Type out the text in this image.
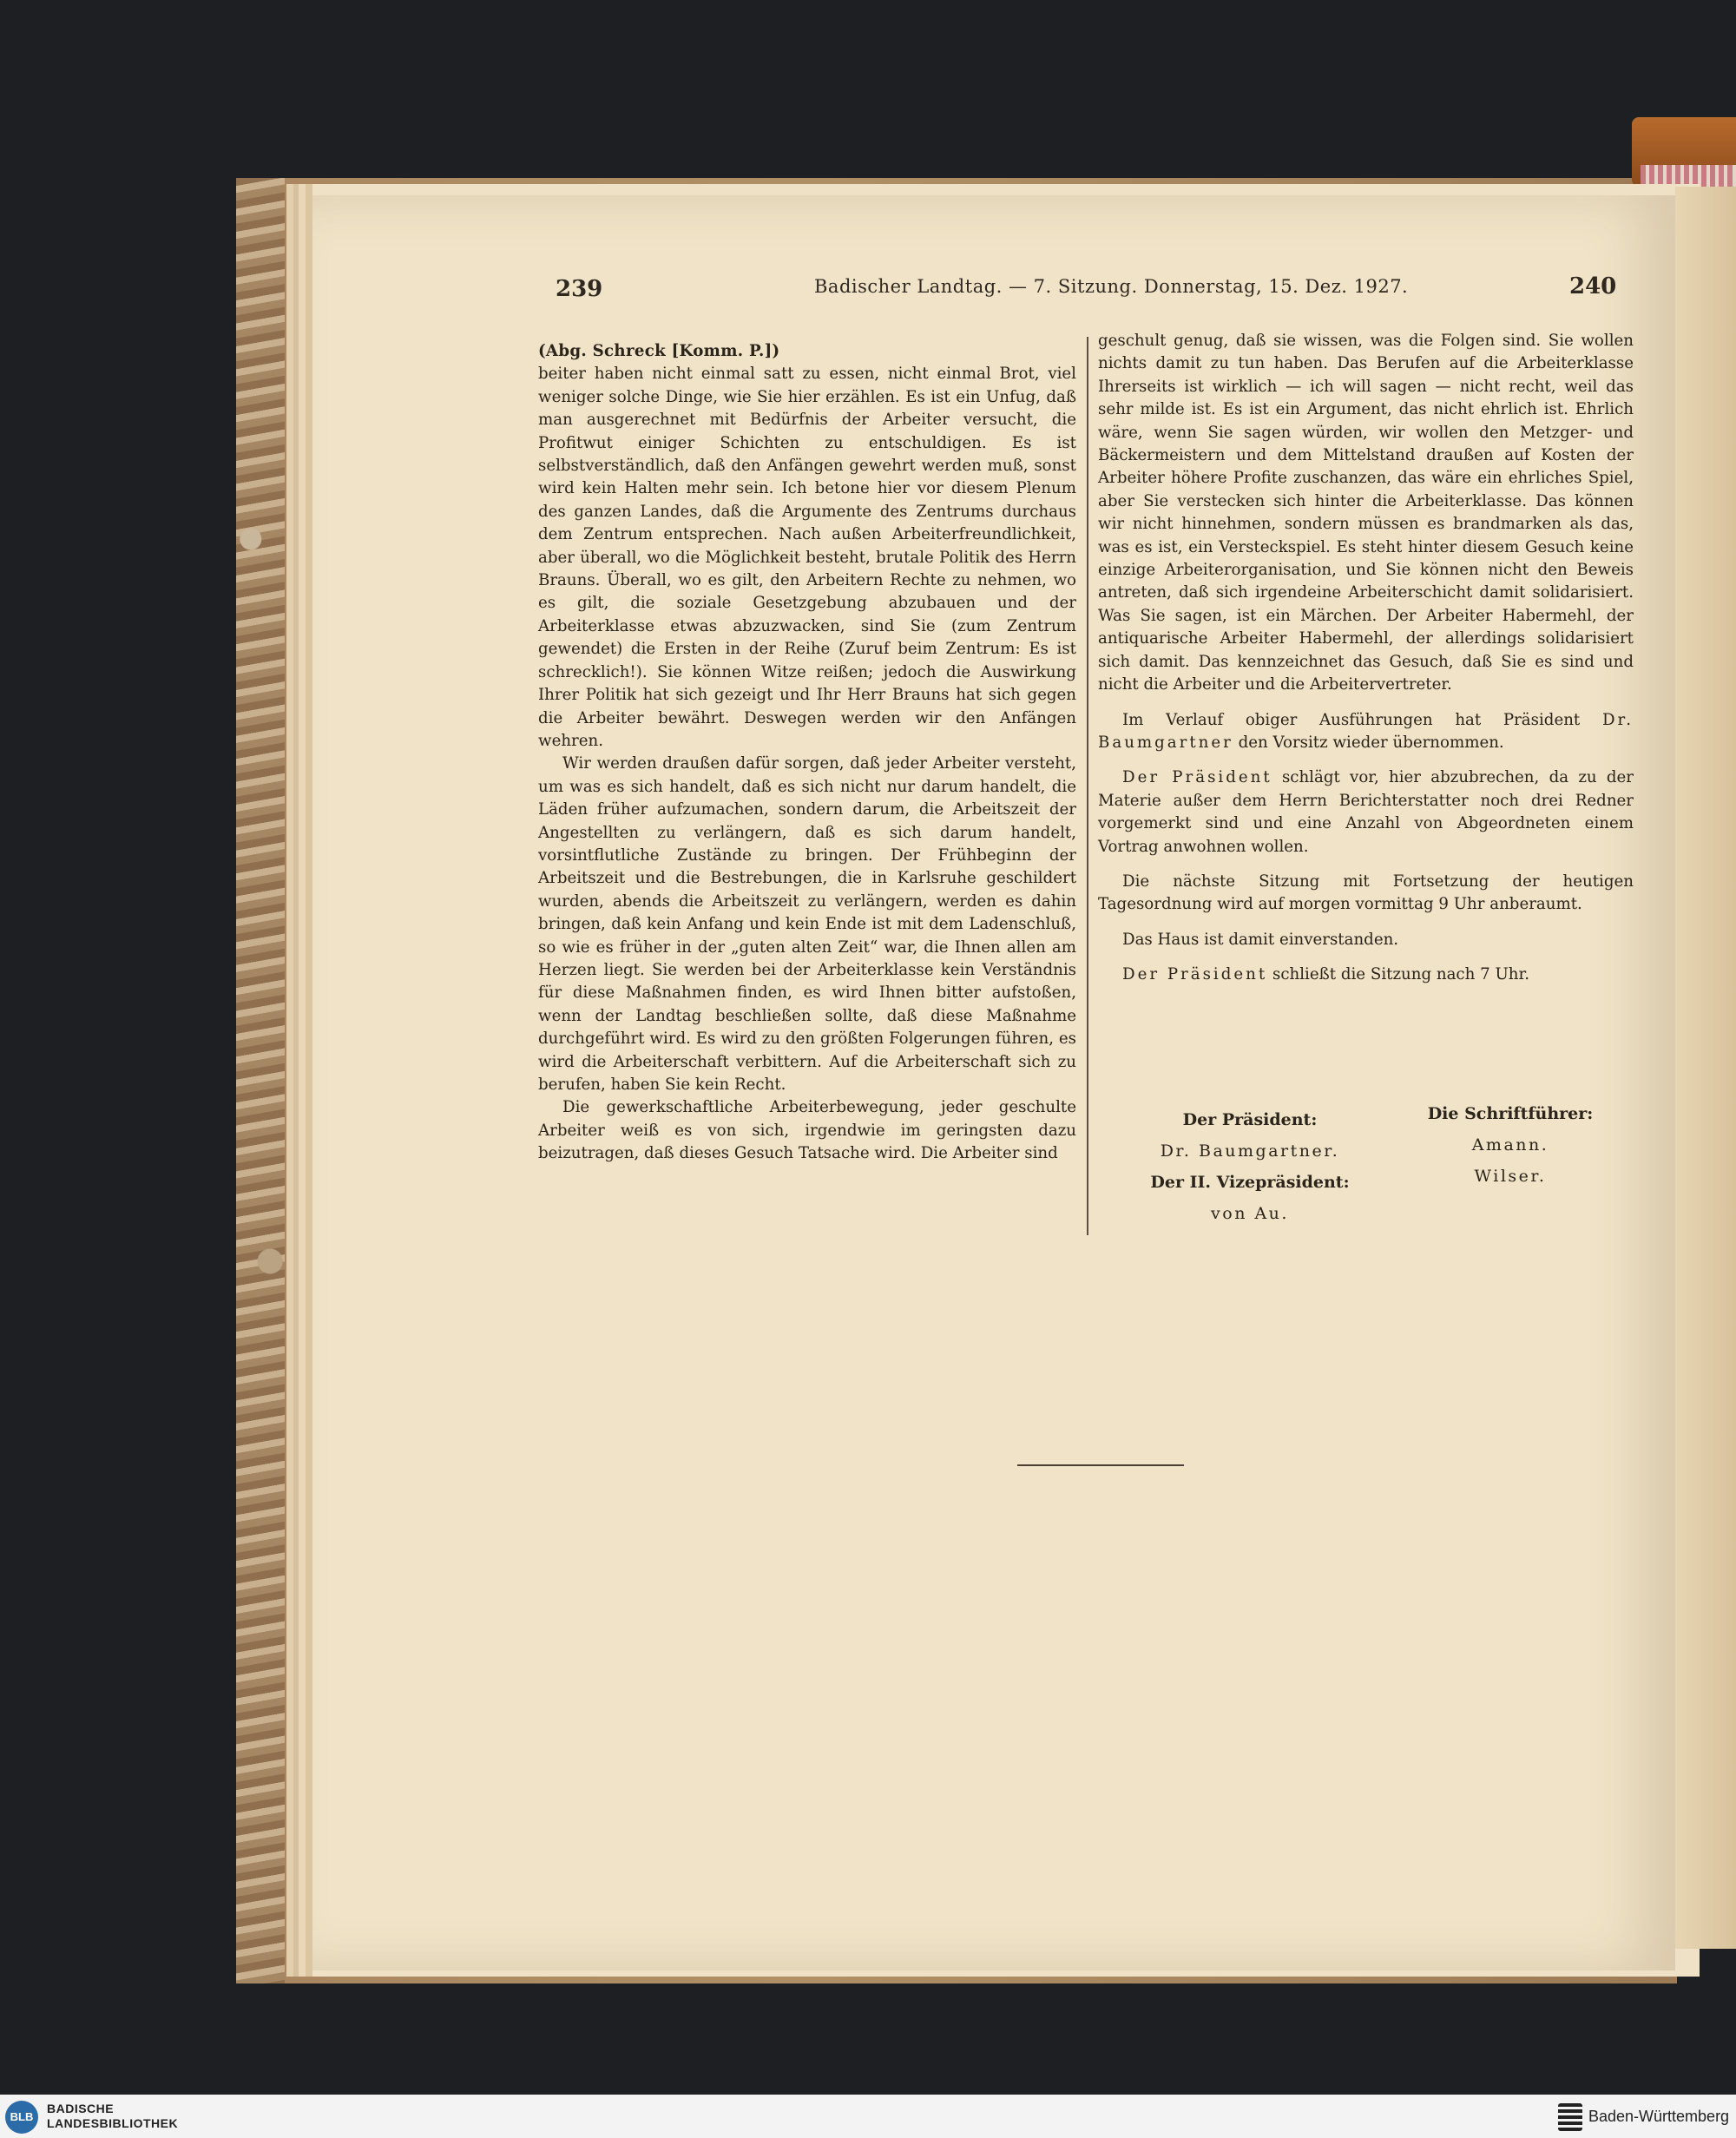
239	Badischer Landtag. — 7. Sitzung. Donnerstag, 15. Dez. 1927.	240

(Abg. Schreck [Komm. P.])

beiter haben nicht einmal satt zu essen, nicht einmal Brot, viel weniger solche Dinge, wie Sie hier erzählen. Es ist ein Unfug, daß man ausgerechnet mit Bedürfnis der Arbeiter versucht, die Profitwut einiger Schichten zu entschuldigen. Es ist selbstverständlich, daß den Anfängen gewehrt werden muß, sonst wird kein Halten mehr sein. Ich betone hier vor diesem Plenum des ganzen Landes, daß die Argumente des Zentrums durchaus dem Zentrum entsprechen. Nach außen Arbeiterfreundlichkeit, aber überall, wo die Möglichkeit besteht, brutale Politik des Herrn Brauns. Überall, wo es gilt, den Arbeitern Rechte zu nehmen, wo es gilt, die soziale Gesetzgebung abzubauen und der Arbeiterklasse etwas abzuzwacken, sind Sie (zum Zentrum gewendet) die Ersten in der Reihe (Zuruf beim Zentrum: Es ist schrecklich!). Sie können Witze reißen; jedoch die Auswirkung Ihrer Politik hat sich gezeigt und Ihr Herr Brauns hat sich gegen die Arbeiter bewährt. Deswegen werden wir den Anfängen wehren.

Wir werden draußen dafür sorgen, daß jeder Arbeiter versteht, um was es sich handelt, daß es sich nicht nur darum handelt, die Läden früher aufzumachen, sondern darum, die Arbeitszeit der Angestellten zu verlängern, daß es sich darum handelt, vorsintflutliche Zustände zu bringen. Der Frühbeginn der Arbeitszeit und die Bestrebungen, die in Karlsruhe geschildert wurden, abends die Arbeitszeit zu verlängern, werden es dahin bringen, daß kein Anfang und kein Ende ist mit dem Ladenschluß, so wie es früher in der „guten alten Zeit“ war, die Ihnen allen am Herzen liegt. Sie werden bei der Arbeiterklasse kein Verständnis für diese Maßnahmen finden, es wird Ihnen bitter aufstoßen, wenn der Landtag beschließen sollte, daß diese Maßnahme durchgeführt wird. Es wird zu den größten Folgerungen führen, es wird die Arbeiterschaft verbittern. Auf die Arbeiterschaft sich zu berufen, haben Sie kein Recht.

Die gewerkschaftliche Arbeiterbewegung, jeder geschulte Arbeiter weiß es von sich, irgendwie im geringsten dazu beizutragen, daß dieses Gesuch Tatsache wird. Die Arbeiter sind

geschult genug, daß sie wissen, was die Folgen sind. Sie wollen nichts damit zu tun haben. Das Berufen auf die Arbeiterklasse Ihrerseits ist wirklich — ich will sagen — nicht recht, weil das sehr milde ist. Es ist ein Argument, das nicht ehrlich ist. Ehrlich wäre, wenn Sie sagen würden, wir wollen den Metzger- und Bäckermeistern und dem Mittelstand draußen auf Kosten der Arbeiter höhere Profite zuschanzen, das wäre ein ehrliches Spiel, aber Sie verstecken sich hinter die Arbeiterklasse. Das können wir nicht hinnehmen, sondern müssen es brandmarken als das, was es ist, ein Versteckspiel. Es steht hinter diesem Gesuch keine einzige Arbeiterorganisation, und Sie können nicht den Beweis antreten, daß sich irgendeine Arbeiterschicht damit solidarisiert. Was Sie sagen, ist ein Märchen. Der Arbeiter Habermehl, der antiquarische Arbeiter Habermehl, der allerdings solidarisiert sich damit. Das kennzeichnet das Gesuch, daß Sie es sind und nicht die Arbeiter und die Arbeitervertreter.

Im Verlauf obiger Ausführungen hat Präsident Dr. Baumgartner den Vorsitz wieder übernommen.

Der Präsident schlägt vor, hier abzubrechen, da zu der Materie außer dem Herrn Berichterstatter noch drei Redner vorgemerkt sind und eine Anzahl von Abgeordneten einem Vortrag anwohnen wollen.

Die nächste Sitzung mit Fortsetzung der heutigen Tagesordnung wird auf morgen vormittag 9 Uhr anberaumt.

Das Haus ist damit einverstanden.

Der Präsident schließt die Sitzung nach 7 Uhr.

Der Präsident:
Dr. Baumgartner.
Der II. Vizepräsident:
von Au.
Die Schriftführer:
Amann.
Wilser.
BLB
BADISCHE
LANDESBIBLIOTHEK	Baden-Württemberg
